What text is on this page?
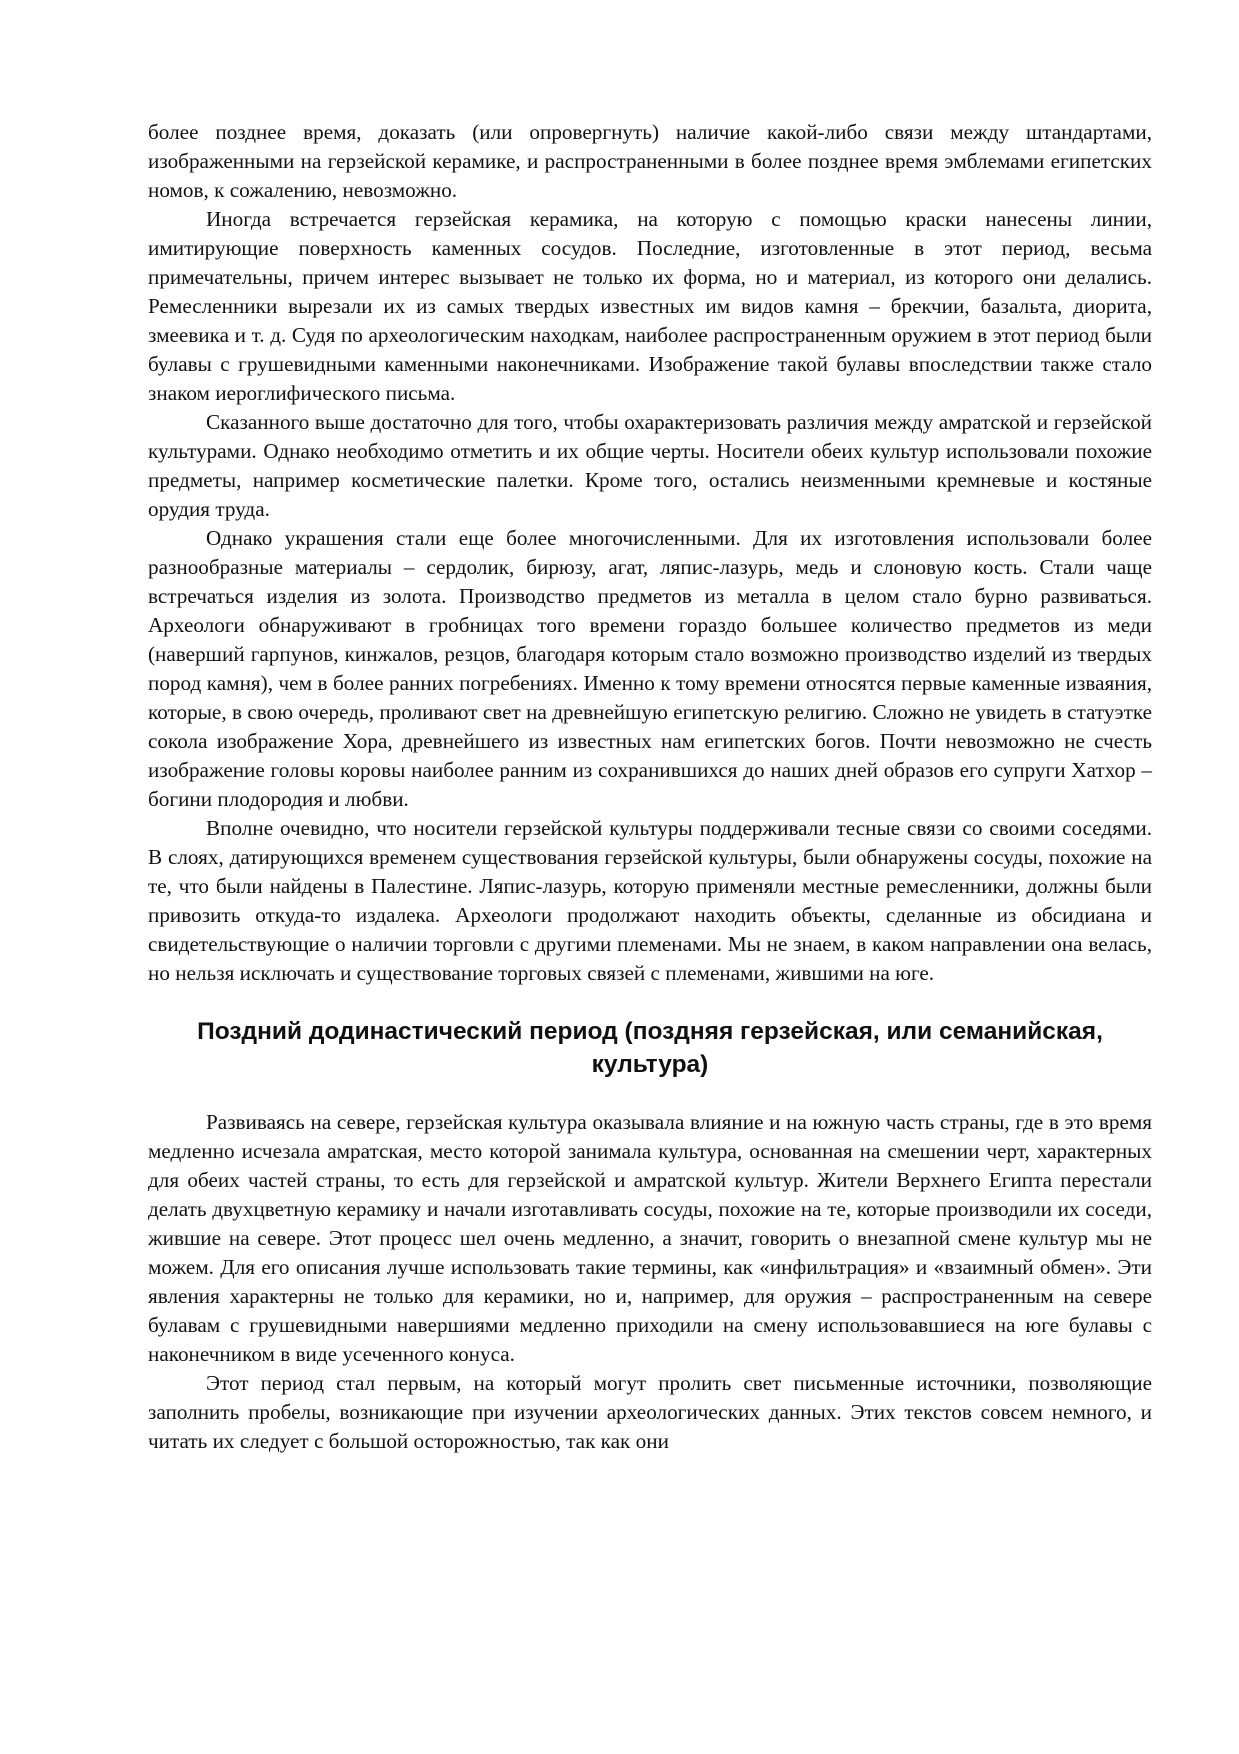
более позднее время, доказать (или опровергнуть) наличие какой-либо связи между штандартами, изображенными на герзейской керамике, и распространенными в более позднее время эмблемами египетских номов, к сожалению, невозможно.

Иногда встречается герзейская керамика, на которую с помощью краски нанесены линии, имитирующие поверхность каменных сосудов. Последние, изготовленные в этот период, весьма примечательны, причем интерес вызывает не только их форма, но и материал, из которого они делались. Ремесленники вырезали их из самых твердых известных им видов камня – брекчии, базальта, диорита, змеевика и т. д. Судя по археологическим находкам, наиболее распространенным оружием в этот период были булавы с грушевидными каменными наконечниками. Изображение такой булавы впоследствии также стало знаком иероглифического письма.

Сказанного выше достаточно для того, чтобы охарактеризовать различия между амратской и герзейской культурами. Однако необходимо отметить и их общие черты. Носители обеих культур использовали похожие предметы, например косметические палетки. Кроме того, остались неизменными кремневые и костяные орудия труда.

Однако украшения стали еще более многочисленными. Для их изготовления использовали более разнообразные материалы – сердолик, бирюзу, агат, ляпис-лазурь, медь и слоновую кость. Стали чаще встречаться изделия из золота. Производство предметов из металла в целом стало бурно развиваться. Археологи обнаруживают в гробницах того времени гораздо большее количество предметов из меди (наверший гарпунов, кинжалов, резцов, благодаря которым стало возможно производство изделий из твердых пород камня), чем в более ранних погребениях. Именно к тому времени относятся первые каменные изваяния, которые, в свою очередь, проливают свет на древнейшую египетскую религию. Сложно не увидеть в статуэтке сокола изображение Хора, древнейшего из известных нам египетских богов. Почти невозможно не счесть изображение головы коровы наиболее ранним из сохранившихся до наших дней образов его супруги Хатхор – богини плодородия и любви.

Вполне очевидно, что носители герзейской культуры поддерживали тесные связи со своими соседями. В слоях, датирующихся временем существования герзейской культуры, были обнаружены сосуды, похожие на те, что были найдены в Палестине. Ляпис-лазурь, которую применяли местные ремесленники, должны были привозить откуда-то издалека. Археологи продолжают находить объекты, сделанные из обсидиана и свидетельствующие о наличии торговли с другими племенами. Мы не знаем, в каком направлении она велась, но нельзя исключать и существование торговых связей с племенами, жившими на юге.

Поздний додинастический период (поздняя герзейская, или семанийская, культура)

Развиваясь на севере, герзейская культура оказывала влияние и на южную часть страны, где в это время медленно исчезала амратская, место которой занимала культура, основанная на смешении черт, характерных для обеих частей страны, то есть для герзейской и амратской культур. Жители Верхнего Египта перестали делать двухцветную керамику и начали изготавливать сосуды, похожие на те, которые производили их соседи, жившие на севере. Этот процесс шел очень медленно, а значит, говорить о внезапной смене культур мы не можем. Для его описания лучше использовать такие термины, как «инфильтрация» и «взаимный обмен». Эти явления характерны не только для керамики, но и, например, для оружия – распространенным на севере булавам с грушевидными навершиями медленно приходили на смену использовавшиеся на юге булавы с наконечником в виде усеченного конуса.

Этот период стал первым, на который могут пролить свет письменные источники, позволяющие заполнить пробелы, возникающие при изучении археологических данных. Этих текстов совсем немного, и читать их следует с большой осторожностью, так как они
